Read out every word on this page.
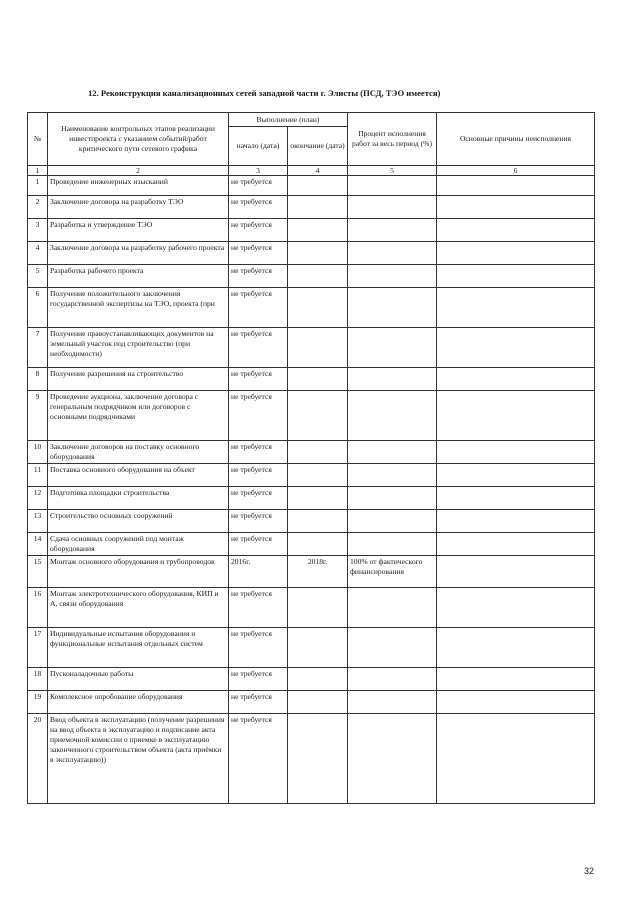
12. Реконструкция канализационных сетей западной части г. Элисты (ПСД, ТЭО имеется)
№	Наименование контрольных этапов реализации инвестпроекта с указанием событий/работ критического пути сетевого графика	Выполнение (план)		Процент исполнения работ за весь период (%)	Основные причины неисполнения
		начало (дата)	окончание (дата)		
1	2	3	4	5	6
1	Проведение инженерных изысканий	не требуется			
2	Заключение договора на разработку ТЭО	не требуется			
3	Разработка и утверждение ТЭО	не требуется			
4	Заключение договора на разработку рабочего проекта	не требуется			
5	Разработка рабочего проекта	не требуется			
6	Получение положительного заключения государственной экспертизы на ТЭО, проекта (при	не требуется			
7	Получение правоустанавливающих документов на земельный участок под строительство (при необходимости)	не требуется			
8	Получение разрешения на строительство	не требуется			
9	Проведение аукциона, заключение договора с генеральным подрядчиком или договоров с основными подрядчиками	не требуется			
10	Заключение договоров на поставку основного оборудования	не требуется			
11	Поставка основного оборудования на объект	не требуется			
12	Подготовка площадки строительства	не требуется			
13	Строительство основных сооружений	не требуется			
14	Сдача основных сооружений под монтаж оборудования	не требуется			
15	Монтаж основного оборудования и трубопроводов	2016г.	2018г.	100% от фактического финансирования	
16	Монтаж электротехнического оборудования, КИП и А, связи оборудования	не требуется			
17	Индивидуальные испытания оборудования и функциональные испытания отдельных систем	не требуется			
18	Пусконаладочные работы	не требуется			
19	Комплексное опробование оборудования	не требуется			
20	Ввод объекта в эксплуатацию (получение разрешения на ввод объекта в эксплуатацию и подписание акта приемочной комиссии о приемке в эксплуатацию законченного строительством объекта (акта приёмки в эксплуатацию))	не требуется			
32
